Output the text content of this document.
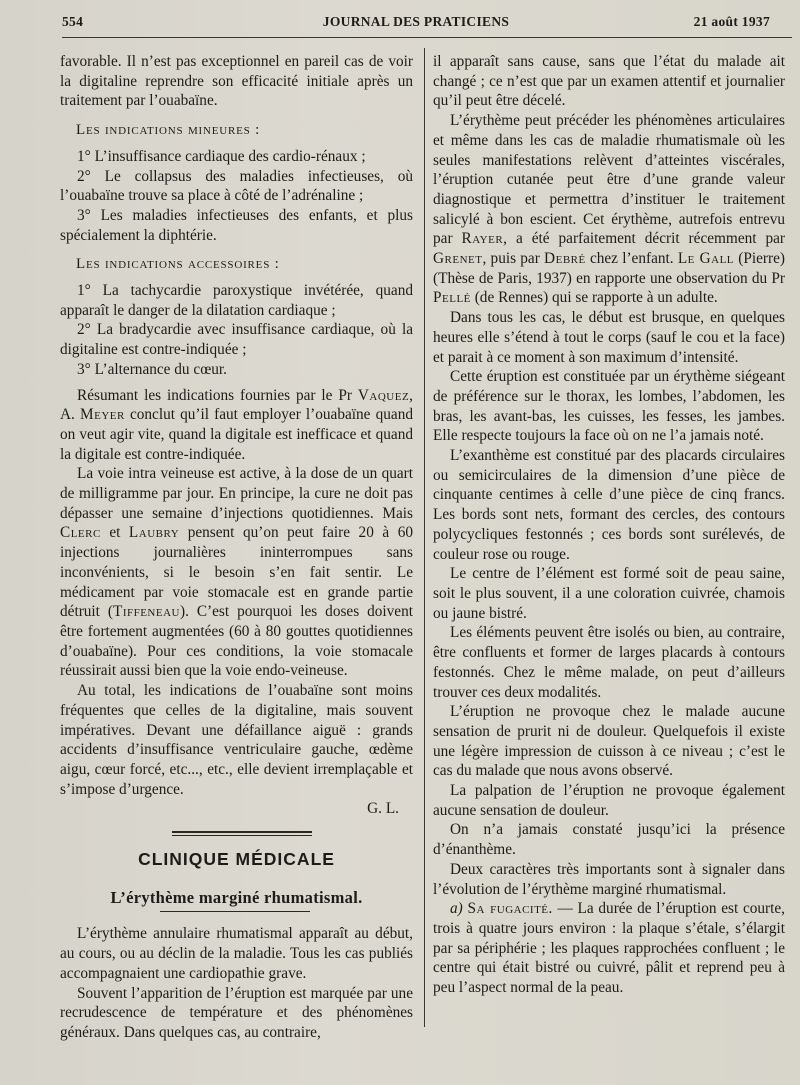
554	JOURNAL DES PRATICIENS	21 août 1937

favorable. Il n’est pas exceptionnel en pareil cas de voir la digitaline reprendre son efficacité initiale après un traitement par l’ouabaïne.

Les indications mineures :

1° L’insuffisance cardiaque des cardio-rénaux ;

2° Le collapsus des maladies infectieuses, où l’ouabaïne trouve sa place à côté de l’adrénaline ;

3° Les maladies infectieuses des enfants, et plus spécialement la diphtérie.

Les indications accessoires :

1° La tachycardie paroxystique invétérée, quand apparaît le danger de la dilatation cardiaque ;

2° La bradycardie avec insuffisance cardiaque, où la digitaline est contre-indiquée ;

3° L’alternance du cœur.

Résumant les indications fournies par le Pr Vaquez, A. Meyer conclut qu’il faut employer l’ouabaïne quand on veut agir vite, quand la digitale est inefficace et quand la digitale est contre-indiquée.

La voie intra veineuse est active, à la dose de un quart de milligramme par jour. En principe, la cure ne doit pas dépasser une semaine d’injections quotidiennes. Mais Clerc et Laubry pensent qu’on peut faire 20 à 60 injections journalières ininterrompues sans inconvénients, si le besoin s’en fait sentir. Le médicament par voie stomacale est en grande partie détruit (Tiffeneau). C’est pourquoi les doses doivent être fortement augmentées (60 à 80 gouttes quotidiennes d’ouabaïne). Pour ces conditions, la voie stomacale réussirait aussi bien que la voie endo-veineuse.

Au total, les indications de l’ouabaïne sont moins fréquentes que celles de la digitaline, mais souvent impératives. Devant une défaillance aiguë : grands accidents d’insuffisance ventriculaire gauche, œdème aigu, cœur forcé, etc..., etc., elle devient irremplaçable et s’impose d’urgence.

G. L.

CLINIQUE MÉDICALE
L’érythème marginé rhumatismal.

L’érythème annulaire rhumatismal apparaît au début, au cours, ou au déclin de la maladie. Tous les cas publiés accompagnaient une cardiopathie grave.

Souvent l’apparition de l’éruption est marquée par une recrudescence de température et des phénomènes généraux. Dans quelques cas, au contraire,

il apparaît sans cause, sans que l’état du malade ait changé ; ce n’est que par un examen attentif et journalier qu’il peut être décelé.

L’érythème peut précéder les phénomènes articulaires et même dans les cas de maladie rhumatismale où les seules manifestations relèvent d’atteintes viscérales, l’éruption cutanée peut être d’une grande valeur diagnostique et permettra d’instituer le traitement salicylé à bon escient. Cet érythème, autrefois entrevu par Rayer, a été parfaitement décrit récemment par Grenet, puis par Debré chez l’enfant. Le Gall (Pierre) (Thèse de Paris, 1937) en rapporte une observation du Pr Pellé (de Rennes) qui se rapporte à un adulte.

Dans tous les cas, le début est brusque, en quelques heures elle s’étend à tout le corps (sauf le cou et la face) et parait à ce moment à son maximum d’intensité.

Cette éruption est constituée par un érythème siégeant de préférence sur le thorax, les lombes, l’abdomen, les bras, les avant-bas, les cuisses, les fesses, les jambes. Elle respecte toujours la face où on ne l’a jamais noté.

L’exanthème est constitué par des placards circulaires ou semicirculaires de la dimension d’une pièce de cinquante centimes à celle d’une pièce de cinq francs. Les bords sont nets, formant des cercles, des contours polycycliques festonnés ; ces bords sont surélevés, de couleur rose ou rouge.

Le centre de l’élément est formé soit de peau saine, soit le plus souvent, il a une coloration cuivrée, chamois ou jaune bistré.

Les éléments peuvent être isolés ou bien, au contraire, être confluents et former de larges placards à contours festonnés. Chez le même malade, on peut d’ailleurs trouver ces deux modalités.

L’éruption ne provoque chez le malade aucune sensation de prurit ni de douleur. Quelquefois il existe une légère impression de cuisson à ce niveau ; c’est le cas du malade que nous avons observé.

La palpation de l’éruption ne provoque également aucune sensation de douleur.

On n’a jamais constaté jusqu’ici la présence d’énanthème.

Deux caractères très importants sont à signaler dans l’évolution de l’érythème marginé rhumatismal.

a) Sa fugacité. — La durée de l’éruption est courte, trois à quatre jours environ : la plaque s’étale, s’élargit par sa périphérie ; les plaques rapprochées confluent ; le centre qui était bistré ou cuivré, pâlit et reprend peu à peu l’aspect normal de la peau.
